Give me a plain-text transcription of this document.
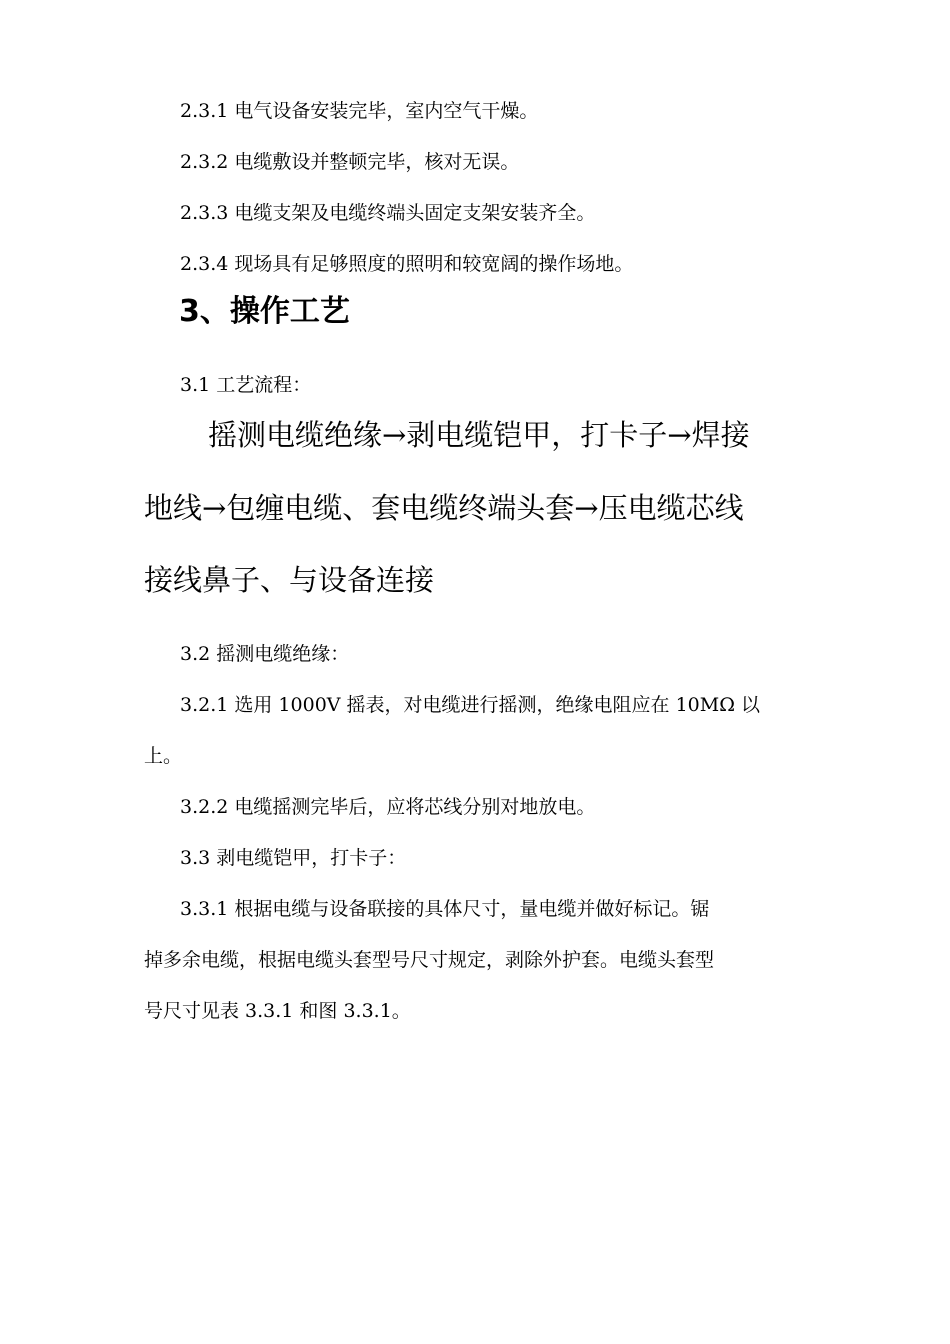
2.3.1 电气设备安装完毕，室内空气干燥。
2.3.2 电缆敷设并整顿完毕，核对无误。
2.3.3 电缆支架及电缆终端头固定支架安装齐全。
2.3.4 现场具有足够照度的照明和较宽阔的操作场地。
3、操作工艺
3.1 工艺流程：
摇测电缆绝缘→剥电缆铠甲，打卡子→焊接
地线→包缠电缆、套电缆终端头套→压电缆芯线
接线鼻子、与设备连接
3.2 摇测电缆绝缘：
3.2.1 选用 1000V 摇表，对电缆进行摇测，绝缘电阻应在 10MΩ 以
上。
3.2.2 电缆摇测完毕后，应将芯线分别对地放电。
3.3 剥电缆铠甲，打卡子：
3.3.1 根据电缆与设备联接的具体尺寸，量电缆并做好标记。锯
掉多余电缆，根据电缆头套型号尺寸规定，剥除外护套。电缆头套型
号尺寸见表 3.3.1 和图 3.3.1。
